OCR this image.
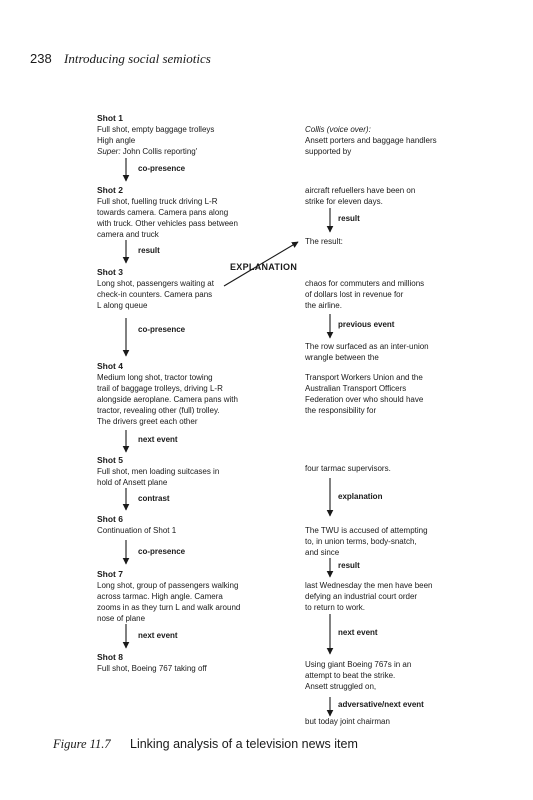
238 Introducing social semiotics
Shot 1
Full shot, empty baggage trolleys
High angle
Super: John Collis reporting'
co-presence
Shot 2
Full shot, fuelling truck driving L-R
towards camera. Camera pans along
with truck. Other vehicles pass between
camera and truck
result
Shot 3
Long shot, passengers waiting at
check-in counters. Camera pans
L along queue
co-presence
Shot 4
Medium long shot, tractor towing
trail of baggage trolleys, driving L-R
alongside aeroplane. Camera pans with
tractor, revealing other (full) trolley.
The drivers greet each other
next event
Shot 5
Full shot, men loading suitcases in
hold of Ansett plane
contrast
Shot 6
Continuation of Shot 1
co-presence
Shot 7
Long shot, group of passengers walking
across tarmac. High angle. Camera
zooms in as they turn L and walk around
nose of plane
next event
Shot 8
Full shot, Boeing 767 taking off
EXPLANATION
Collis (voice over):
Ansett porters and baggage handlers
supported by
aircraft refuellers have been on
strike for eleven days.
result
The result:
chaos for commuters and millions
of dollars lost in revenue for
the airline.
previous event
The row surfaced as an inter-union
wrangle between the
Transport Workers Union and the
Australian Transport Officers
Federation over who should have
the responsibility for
four tarmac supervisors.
explanation
The TWU is accused of attempting
to, in union terms, body-snatch,
and since
result
last Wednesday the men have been
defying an industrial court order
to return to work.
next event
Using giant Boeing 767s in an
attempt to beat the strike.
Ansett struggled on,
adversative/next event
but today joint chairman
Figure 11.7 Linking analysis of a television news item
